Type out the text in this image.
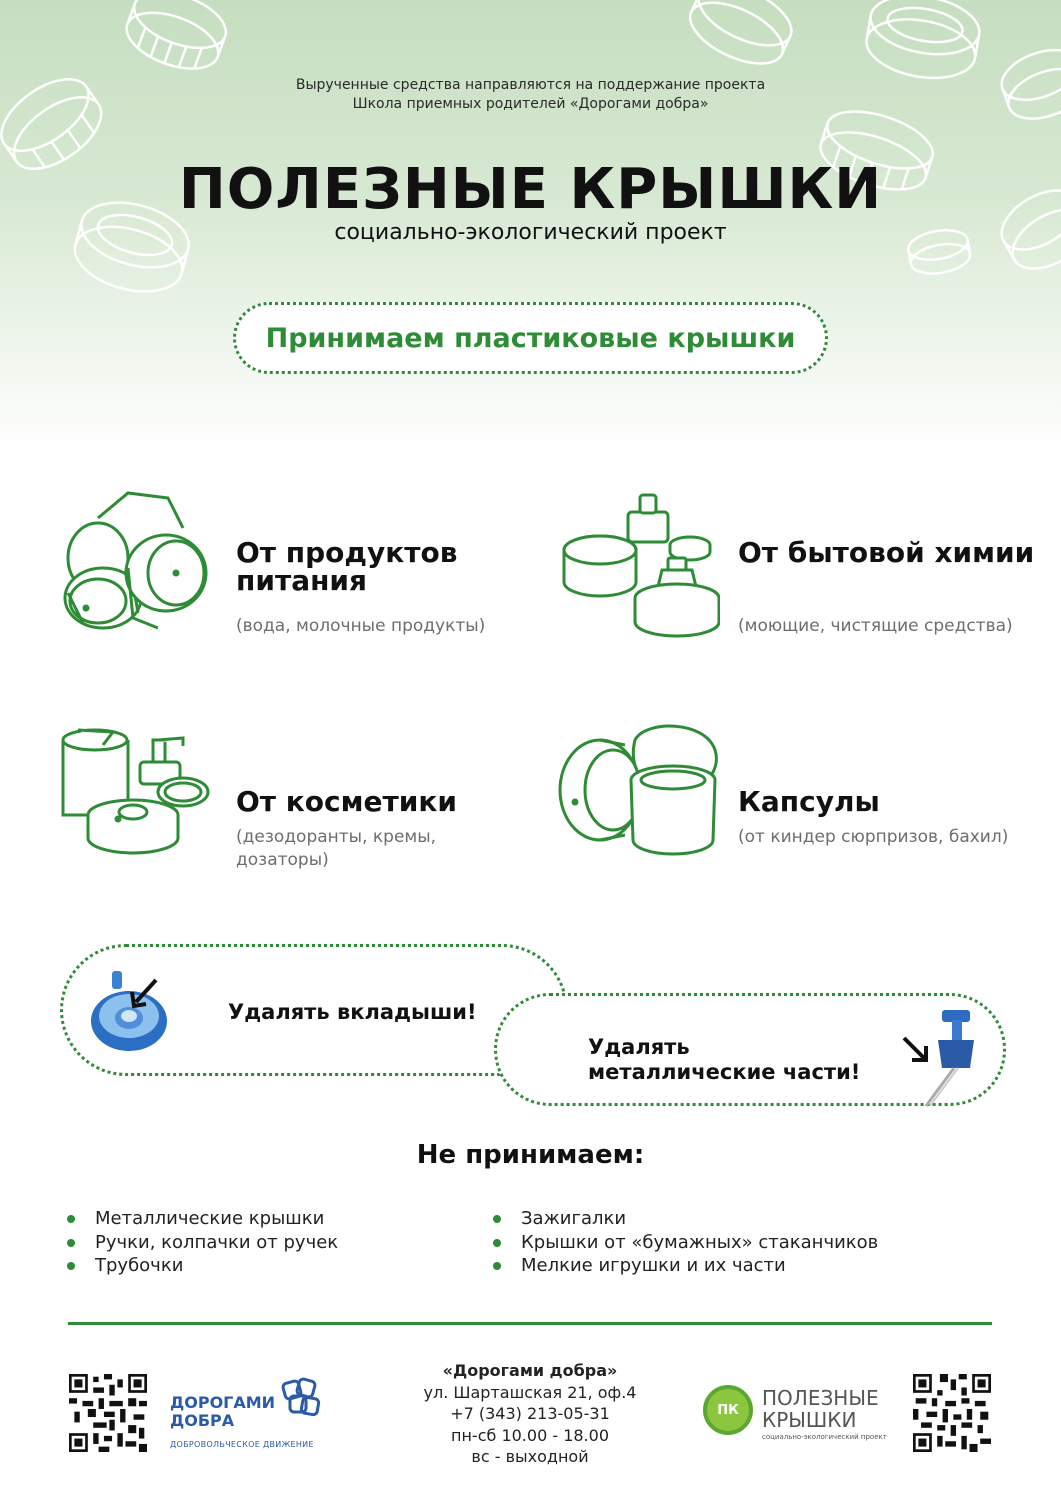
Вырученные средства направляются на поддержание проекта
Школа приемных родителей «Дорогами добра»
ПОЛЕЗНЫЕ КРЫШКИ
социально-экологический проект
Принимаем пластиковые крышки
От продуктов питания
(вода, молочные продукты)
От бытовой химии
(моющие, чистящие средства)
От косметики
(дезодоранты, кремы, дозаторы)
Капсулы
(от киндер сюрпризов, бахил)
Удалять вкладыши!
Удалять металлические части!
Не принимаем:
Металлические крышки
Ручки, колпачки от ручек
Трубочки
Зажигалки
Крышки от «бумажных» стаканчиков
Мелкие игрушки и их части
ДОРОГАМИ
ДОБРА
ДОБРОВОЛЬЧЕСКОЕ ДВИЖЕНИЕ
«Дорогами добра»
ул. Шарташская 21, оф.4
+7 (343) 213-05-31
пн-сб 10.00 - 18.00
вс - выходной
ПК ПОЛЕЗНЫЕ
КРЫШКИ
социально-экологический проект
